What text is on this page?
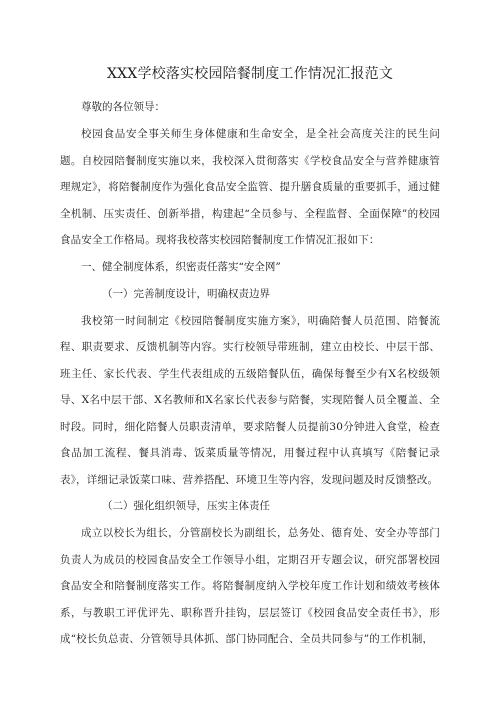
XXX学校落实校园陪餐制度工作情况汇报范文

尊敬的各位领导：

校园食品安全事关师生身体健康和生命安全，是全社会高度关注的民生问题。自校园陪餐制度实施以来，我校深入贯彻落实《学校食品安全与营养健康管理规定》，将陪餐制度作为强化食品安全监管、提升膳食质量的重要抓手，通过健全机制、压实责任、创新举措，构建起“全员参与、全程监督、全面保障”的校园食品安全工作格局。现将我校落实校园陪餐制度工作情况汇报如下：

一、健全制度体系，织密责任落实“安全网”

（一）完善制度设计，明确权责边界

我校第一时间制定《校园陪餐制度实施方案》，明确陪餐人员范围、陪餐流程、职责要求、反馈机制等内容。实行校领导带班制，建立由校长、中层干部、班主任、家长代表、学生代表组成的五级陪餐队伍，确保每餐至少有X名校级领导、X名中层干部、X名教师和X名家长代表参与陪餐，实现陪餐人员全覆盖、全时段。同时，细化陪餐人员职责清单，要求陪餐人员提前30分钟进入食堂，检查食品加工流程、餐具消毒、饭菜质量等情况，用餐过程中认真填写《陪餐记录表》，详细记录饭菜口味、营养搭配、环境卫生等内容，发现问题及时反馈整改。

（二）强化组织领导，压实主体责任

成立以校长为组长，分管副校长为副组长，总务处、德育处、安全办等部门负责人为成员的校园食品安全工作领导小组，定期召开专题会议，研究部署校园食品安全和陪餐制度落实工作。将陪餐制度纳入学校年度工作计划和绩效考核体系，与教职工评优评先、职称晋升挂钩，层层签订《校园食品安全责任书》，形成“校长负总责、分管领导具体抓、部门协同配合、全员共同参与”的工作机制，
